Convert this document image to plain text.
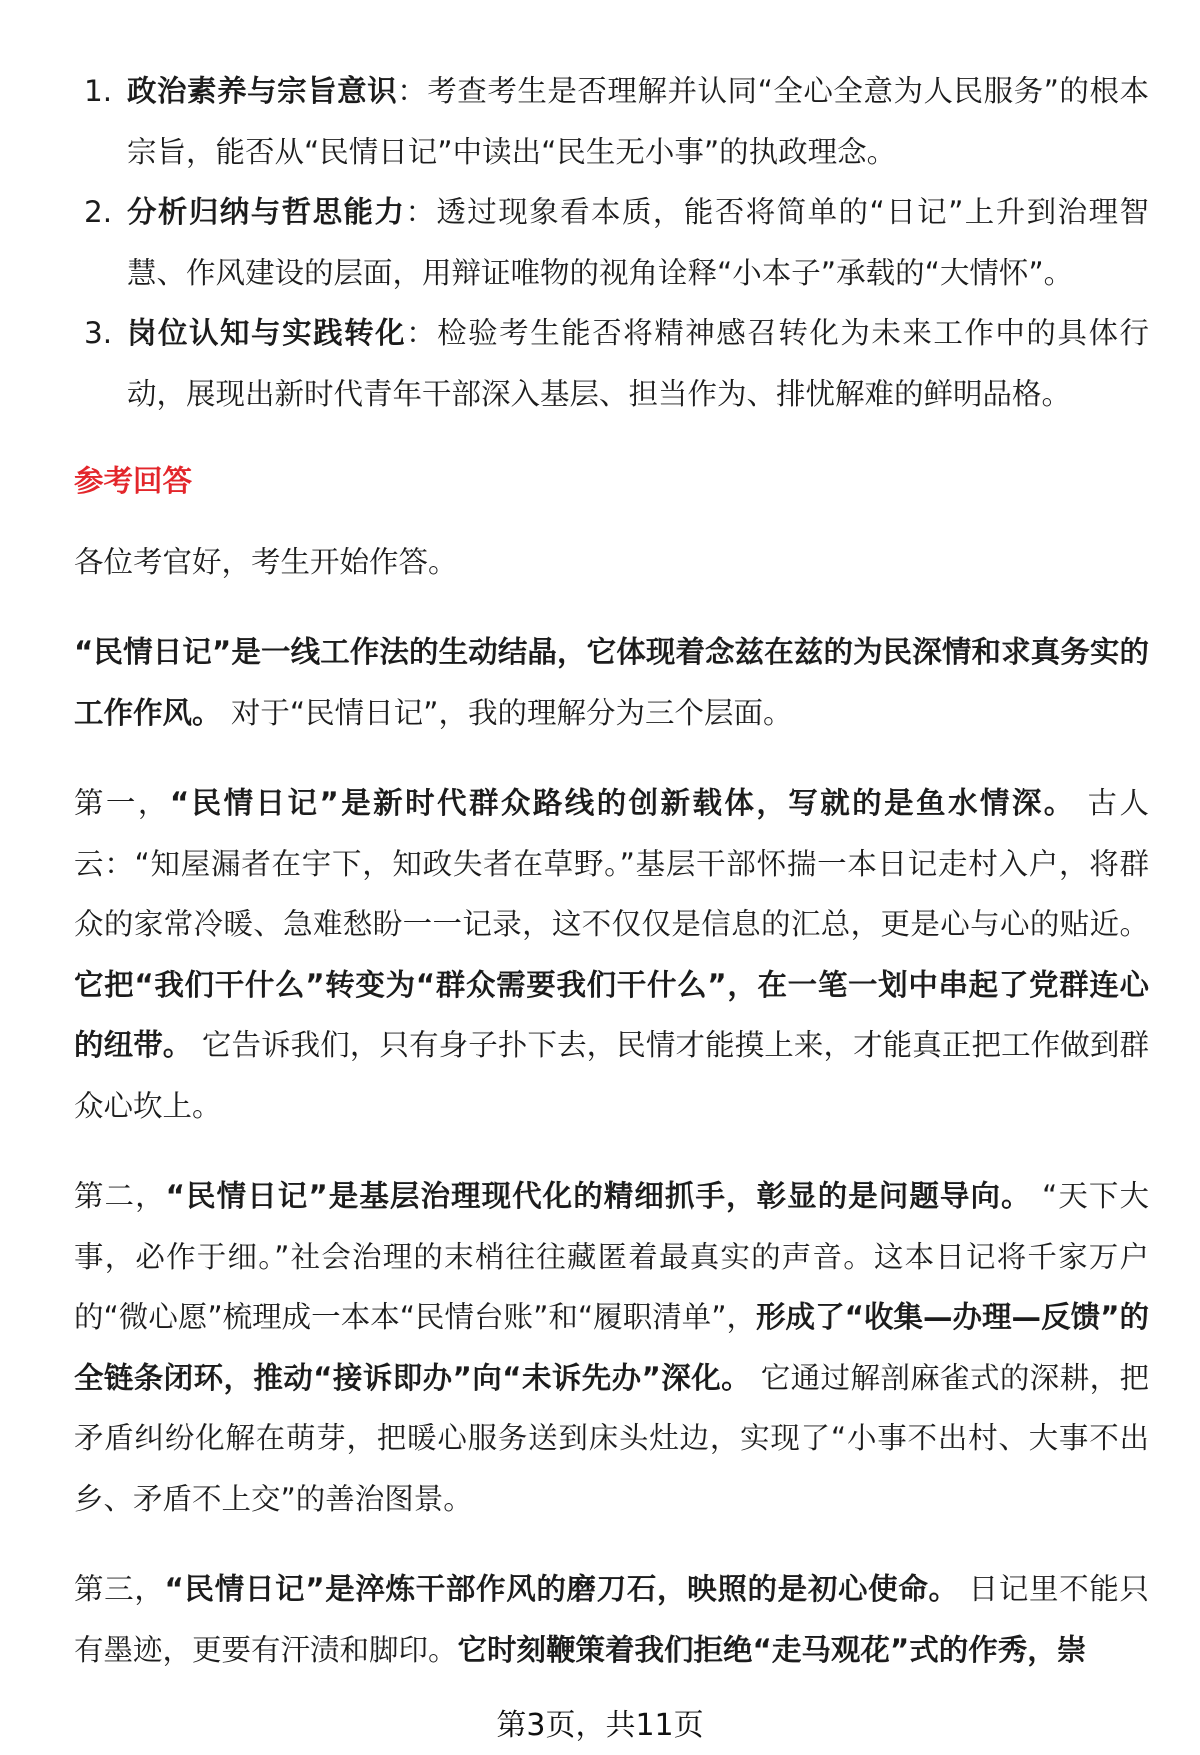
1. 政治素养与宗旨意识：考查考生是否理解并认同“全心全意为人民服务”的根本宗旨，能否从“民情日记”中读出“民生无小事”的执政理念。
2. 分析归纳与哲思能力：透过现象看本质，能否将简单的“日记”上升到治理智慧、作风建设的层面，用辩证唯物的视角诠释“小本子”承载的“大情怀”。
3. 岗位认知与实践转化：检验考生能否将精神感召转化为未来工作中的具体行动，展现出新时代青年干部深入基层、担当作为、排忧解难的鲜明品格。
参考回答

各位考官好，考生开始作答。

“民情日记”是一线工作法的生动结晶，它体现着念兹在兹的为民深情和求真务实的工作作风。 对于“民情日记”，我的理解分为三个层面。

第一，“民情日记”是新时代群众路线的创新载体，写就的是鱼水情深。 古人云：“知屋漏者在宇下，知政失者在草野。”基层干部怀揣一本日记走村入户，将群众的家常冷暖、急难愁盼一一记录，这不仅仅是信息的汇总，更是心与心的贴近。它把“我们干什么”转变为“群众需要我们干什么”，在一笔一划中串起了党群连心的纽带。 它告诉我们，只有身子扑下去，民情才能摸上来，才能真正把工作做到群众心坎上。

第二，“民情日记”是基层治理现代化的精细抓手，彰显的是问题导向。 “天下大事，必作于细。”社会治理的末梢往往藏匿着最真实的声音。这本日记将千家万户的“微心愿”梳理成一本本“民情台账”和“履职清单”，形成了“收集—办理—反馈”的全链条闭环，推动“接诉即办”向“未诉先办”深化。 它通过解剖麻雀式的深耕，把矛盾纠纷化解在萌芽，把暖心服务送到床头灶边，实现了“小事不出村、大事不出乡、矛盾不上交”的善治图景。

第三，“民情日记”是淬炼干部作风的磨刀石，映照的是初心使命。 日记里不能只有墨迹，更要有汗渍和脚印。它时刻鞭策着我们拒绝“走马观花”式的作秀，崇

第3页，共11页
